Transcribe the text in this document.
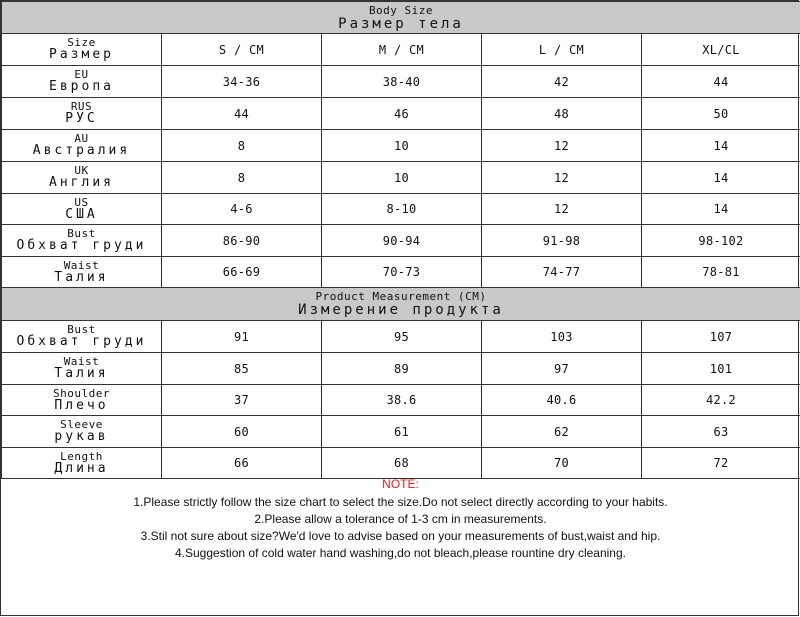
Body Size
Размер тела				

Size
Размер	S / CM	M / CM	L / CM	XL/CL

EU
Европа	34-36	38-40	42	44

RUS
РУС	44	46	48	50

AU
Австралия	8	10	12	14

UK
Англия	8	10	12	14

US
США	4-6	8-10	12	14

Bust
Обхват груди	86-90	90-94	91-98	98-102

Waist
Талия	66-69	70-73	74-77	78-81

Product Measurement (CM)
Измерение продукта				

Bust
Обхват груди	91	95	103	107

Waist
Талия	85	89	97	101

Shoulder
Плечо	37	38.6	40.6	42.2

Sleeve
рукав	60	61	62	63

Length
Длина	66	68	70	72
NOTE:
1.Please strictly follow the size chart to select the size.Do not select directly according to your habits.
2.Please allow a tolerance of 1-3 cm in measurements.
3.Stil not sure about size?We'd love to advise based on your measurements of bust,waist and hip.
4.Suggestion of cold water hand washing,do not bleach,please rountine dry cleaning.
